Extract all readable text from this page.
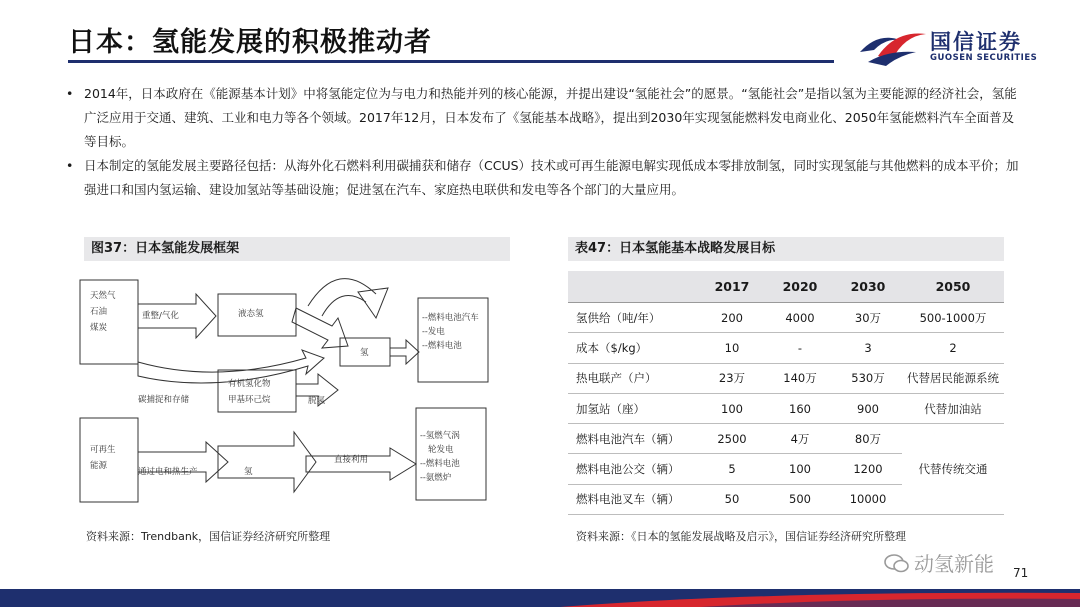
日本：氢能发展的积极推动者	国信证券
GUOSEN SECURITIES
• 2014年，日本政府在《能源基本计划》中将氢能定位为与电力和热能并列的核心能源，并提出建设“氢能社会”的愿景。“氢能社会”是指以氢为主要能源的经济社会，氢能广泛应用于交通、建筑、工业和电力等各个领域。2017年12月，日本发布了《氢能基本战略》，提出到2030年实现氢能燃料发电商业化、2050年氢能燃料汽车全面普及等目标。
• 日本制定的氢能发展主要路径包括：从海外化石燃料利用碳捕获和储存（CCUS）技术或可再生能源电解实现低成本零排放制氢，同时实现氢能与其他燃料的成本平价；加强进口和国内氢运输、建设加氢站等基础设施；促进氢在汽车、家庭热电联供和发电等各个部门的大量应用。
图37：日本氢能发展框架
天然气
石油
煤炭
重整/气化	液态氢
有机氢化物
甲基环己烷
碳捕捉和存储	脱氢
氢
可再生
能源
通过电和热生产	氢
直接利用
--燃料电池汽车
--发电
--燃料电池
--氢燃气涡
轮发电
--燃料电池
--氨燃炉
资料来源：Trendbank，国信证券经济研究所整理
表47：日本氢能基本战略发展目标
	2017	2020	2030	2050
氢供给（吨/年）	200	4000	30万	500-1000万
成本（$/kg）	10	-	3	2
热电联产（户）	23万	140万	530万	代替居民能源系统
加氢站（座）	100	160	900	代替加油站
燃料电池汽车（辆）	2500	4万	80万	代替传统交通
燃料电池公交（辆）	5	100	1200	
燃料电池叉车（辆）	50	500	10000	
资料来源：《日本的氢能发展战略及启示》，国信证券经济研究所整理
动氢新能 71
